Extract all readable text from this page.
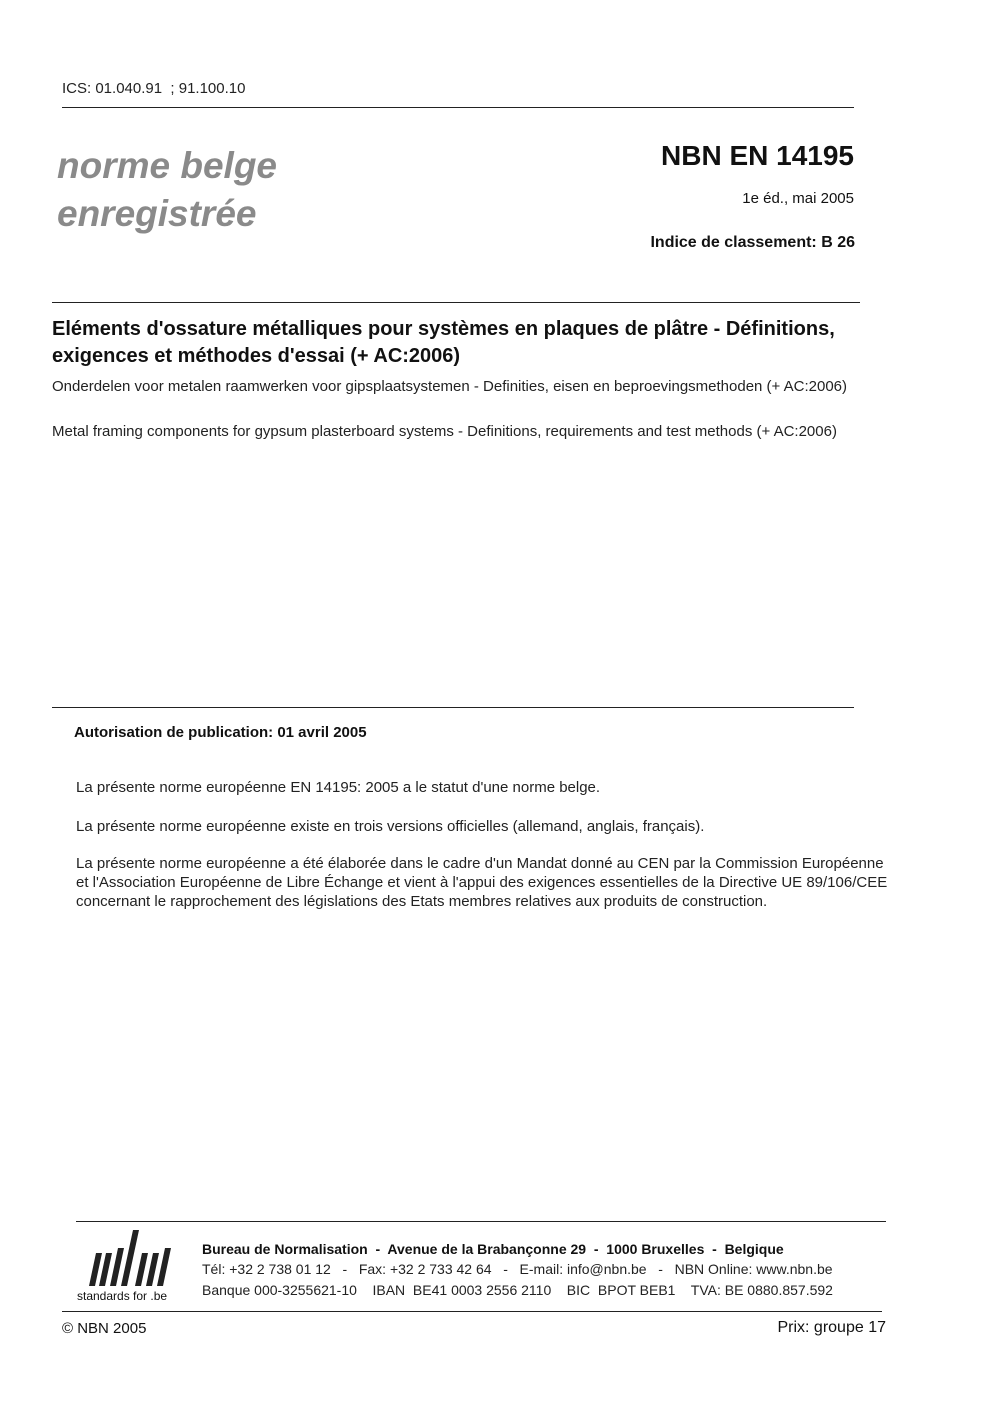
ICS: 01.040.91  ; 91.100.10
norme belge
enregistrée
NBN EN 14195
1e éd., mai 2005
Indice de classement: B 26
Eléments d'ossature métalliques pour systèmes en plaques de plâtre - Définitions, exigences et méthodes d'essai (+ AC:2006)
Onderdelen voor metalen raamwerken voor gipsplaatsystemen - Definities, eisen en beproevingsmethoden (+ AC:2006)
Metal framing components for gypsum plasterboard systems - Definitions, requirements and test methods (+ AC:2006)
Autorisation de publication: 01 avril 2005
La présente norme européenne EN 14195: 2005 a le statut d'une norme belge.
La présente norme européenne existe en trois versions officielles (allemand, anglais, français).
La présente norme européenne a été élaborée dans le cadre d'un Mandat donné au CEN par la Commission Européenne et l'Association Européenne de Libre Échange et vient à l'appui des exigences essentielles de la Directive UE 89/106/CEE concernant le rapprochement des législations des Etats membres relatives aux produits de construction.
standards for .be
Bureau de Normalisation  -  Avenue de la Brabançonne 29  -  1000 Bruxelles  -  Belgique
Tél: +32 2 738 01 12   -   Fax: +32 2 733 42 64   -   E-mail: info@nbn.be   -   NBN Online: www.nbn.be
Banque 000-3255621-10    IBAN  BE41 0003 2556 2110    BIC  BPOT BEB1    TVA: BE 0880.857.592
© NBN 2005	Prix: groupe 17
